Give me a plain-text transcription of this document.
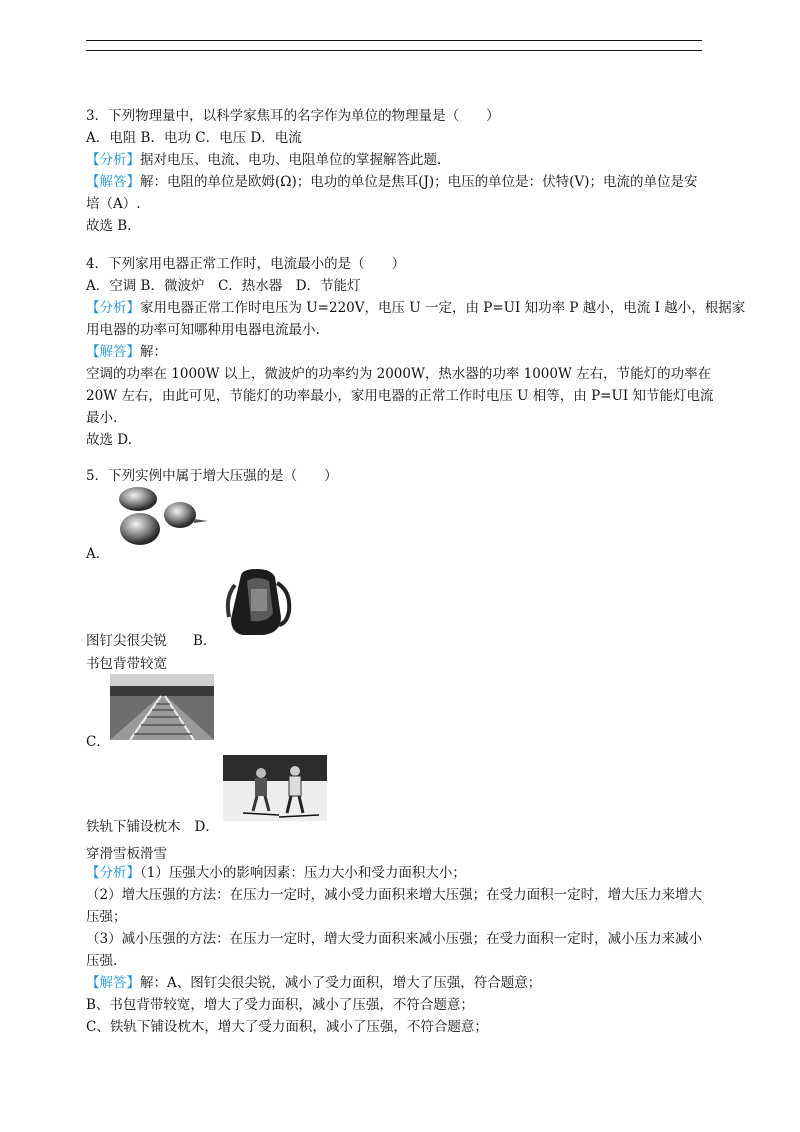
3．下列物理量中，以科学家焦耳的名字作为单位的物理量是（　　）
A．电阻 B．电功 C．电压 D．电流
【分析】据对电压、电流、电功、电阻单位的掌握解答此题.
【解答】解：电阻的单位是欧姆(Ω)；电功的单位是焦耳(J)；电压的单位是：伏特(V)；电流的单位是安
培（A）.
故选 B.
4．下列家用电器正常工作时，电流最小的是（　　）
A．空调 B．微波炉　C．热水器　D．节能灯
【分析】家用电器正常工作时电压为 U=220V，电压 U 一定，由 P=UI 知功率 P 越小，电流 I 越小，根据家
用电器的功率可知哪种用电器电流最小.
【解答】解：
空调的功率在 1000W 以上，微波炉的功率约为 2000W，热水器的功率 1000W 左右，节能灯的功率在
20W 左右，由此可见，节能灯的功率最小，家用电器的正常工作时电压 U 相等，由 P=UI 知节能灯电流
最小.
故选 D.
5．下列实例中属于增大压强的是（　　）
A．
图钉尖很尖锐 B．
书包背带较宽
C．
铁轨下铺设枕木 D．
穿滑雪板滑雪
【分析】（1）压强大小的影响因素：压力大小和受力面积大小；
（2）增大压强的方法：在压力一定时，减小受力面积来增大压强；在受力面积一定时，增大压力来增大
压强；
（3）减小压强的方法：在压力一定时，增大受力面积来减小压强；在受力面积一定时，减小压力来减小
压强.
【解答】解：A、图钉尖很尖锐，减小了受力面积，增大了压强，符合题意；
B、书包背带较宽，增大了受力面积，减小了压强，不符合题意；
C、铁轨下铺设枕木，增大了受力面积，减小了压强，不符合题意；
